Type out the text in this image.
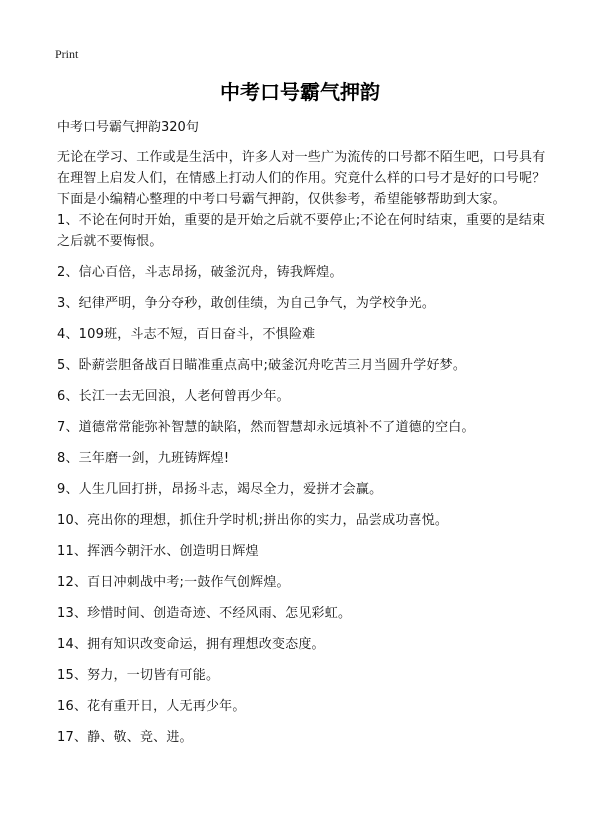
Print
中考口号霸气押韵

中考口号霸气押韵320句

无论在学习、工作或是生活中，许多人对一些广为流传的口号都不陌生吧，口号具有在理智上启发人们，在情感上打动人们的作用。究竟什么样的口号才是好的口号呢？下面是小编精心整理的中考口号霸气押韵，仅供参考，希望能够帮助到大家。

1、不论在何时开始，重要的是开始之后就不要停止;不论在何时结束，重要的是结束之后就不要悔恨。
2、信心百倍，斗志昂扬，破釜沉舟，铸我辉煌。
3、纪律严明，争分夺秒，敢创佳绩，为自己争气，为学校争光。
4、109班，斗志不短，百日奋斗，不惧险难
5、卧薪尝胆备战百日瞄准重点高中;破釜沉舟吃苦三月当圆升学好梦。
6、长江一去无回浪，人老何曾再少年。
7、道德常常能弥补智慧的缺陷，然而智慧却永远填补不了道德的空白。
8、三年磨一剑，九班铸辉煌!
9、人生几回打拼，昂扬斗志，竭尽全力，爱拼才会赢。
10、亮出你的理想，抓住升学时机;拼出你的实力，品尝成功喜悦。
11、挥洒今朝汗水、创造明日辉煌
12、百日冲刺战中考;一鼓作气创辉煌。
13、珍惜时间、创造奇迹、不经风雨、怎见彩虹。
14、拥有知识改变命运，拥有理想改变态度。
15、努力，一切皆有可能。
16、花有重开日，人无再少年。
17、静、敬、竞、进。
